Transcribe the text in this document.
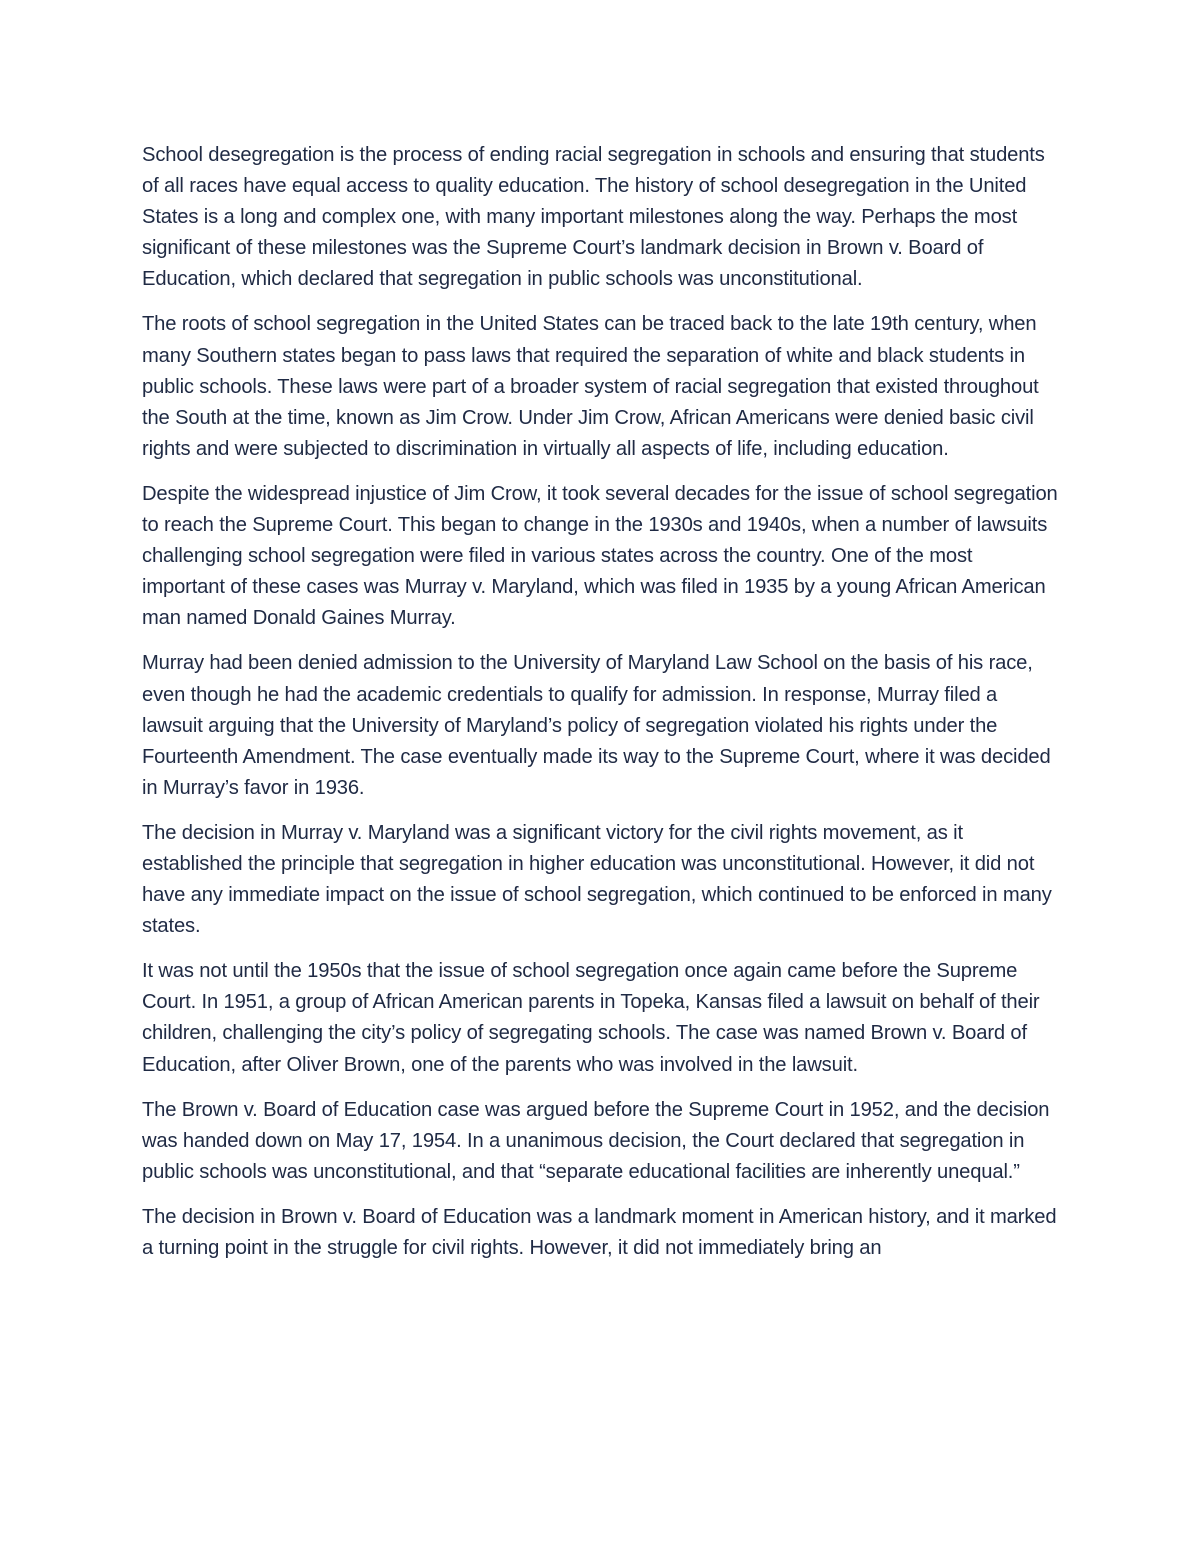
School desegregation is the process of ending racial segregation in schools and ensuring that students of all races have equal access to quality education. The history of school desegregation in the United States is a long and complex one, with many important milestones along the way. Perhaps the most significant of these milestones was the Supreme Court’s landmark decision in Brown v. Board of Education, which declared that segregation in public schools was unconstitutional.

The roots of school segregation in the United States can be traced back to the late 19th century, when many Southern states began to pass laws that required the separation of white and black students in public schools. These laws were part of a broader system of racial segregation that existed throughout the South at the time, known as Jim Crow. Under Jim Crow, African Americans were denied basic civil rights and were subjected to discrimination in virtually all aspects of life, including education.

Despite the widespread injustice of Jim Crow, it took several decades for the issue of school segregation to reach the Supreme Court. This began to change in the 1930s and 1940s, when a number of lawsuits challenging school segregation were filed in various states across the country. One of the most important of these cases was Murray v. Maryland, which was filed in 1935 by a young African American man named Donald Gaines Murray.

Murray had been denied admission to the University of Maryland Law School on the basis of his race, even though he had the academic credentials to qualify for admission. In response, Murray filed a lawsuit arguing that the University of Maryland’s policy of segregation violated his rights under the Fourteenth Amendment. The case eventually made its way to the Supreme Court, where it was decided in Murray’s favor in 1936.

The decision in Murray v. Maryland was a significant victory for the civil rights movement, as it established the principle that segregation in higher education was unconstitutional. However, it did not have any immediate impact on the issue of school segregation, which continued to be enforced in many states.

It was not until the 1950s that the issue of school segregation once again came before the Supreme Court. In 1951, a group of African American parents in Topeka, Kansas filed a lawsuit on behalf of their children, challenging the city’s policy of segregating schools. The case was named Brown v. Board of Education, after Oliver Brown, one of the parents who was involved in the lawsuit.

The Brown v. Board of Education case was argued before the Supreme Court in 1952, and the decision was handed down on May 17, 1954. In a unanimous decision, the Court declared that segregation in public schools was unconstitutional, and that “separate educational facilities are inherently unequal.”

The decision in Brown v. Board of Education was a landmark moment in American history, and it marked a turning point in the struggle for civil rights. However, it did not immediately bring an
